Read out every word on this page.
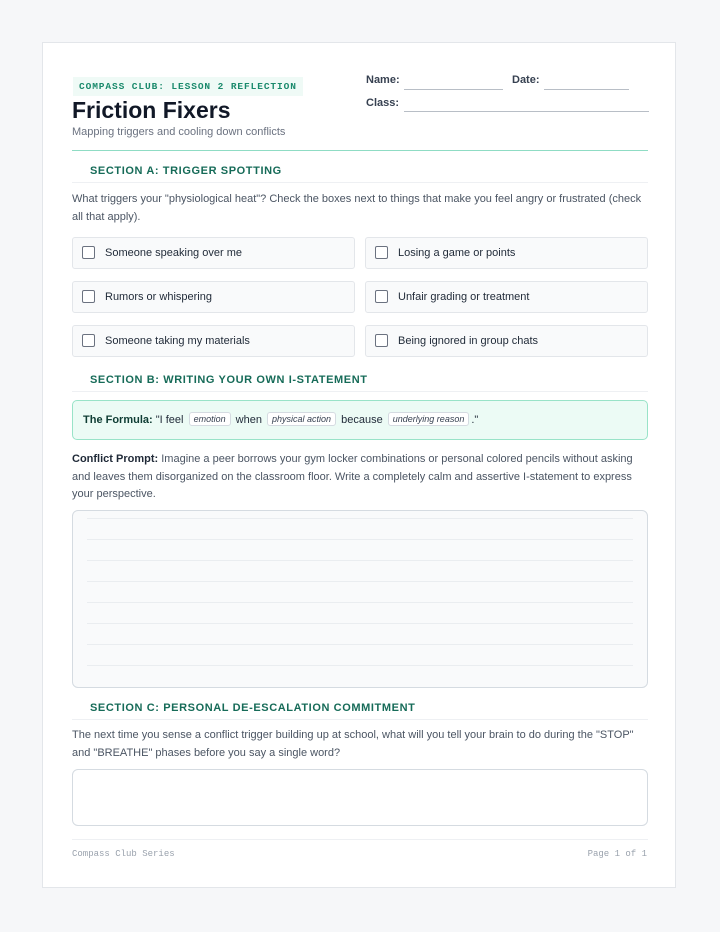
COMPASS CLUB: LESSON 2 REFLECTION
Friction Fixers
Mapping triggers and cooling down conflicts
Name:	Date:
Class:
SECTION A: TRIGGER SPOTTING
What triggers your "physiological heat"? Check the boxes next to things that make you feel angry or frustrated (check all that apply).
Someone speaking over me	Losing a game or points
Rumors or whispering	Unfair grading or treatment
Someone taking my materials	Being ignored in group chats
SECTION B: WRITING YOUR OWN I-STATEMENT
The Formula: "I feel emotion when physical action because underlying reason ."
Conflict Prompt: Imagine a peer borrows your gym locker combinations or personal colored pencils without asking and leaves them disorganized on the classroom floor. Write a completely calm and assertive I-statement to express your perspective.
SECTION C: PERSONAL DE-ESCALATION COMMITMENT
The next time you sense a conflict trigger building up at school, what will you tell your brain to do during the "STOP" and "BREATHE" phases before you say a single word?
Compass Club Series	Page 1 of 1
